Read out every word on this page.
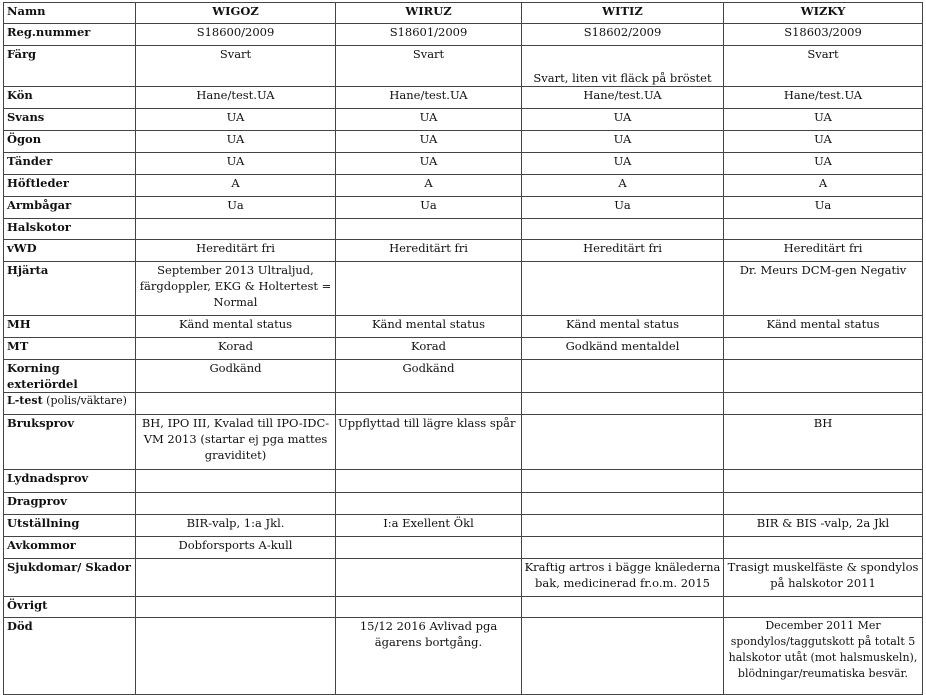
Namn	WIGOZ	WIRUZ	WITIZ	WIZKY
Reg.nummer	S18600/2009	S18601/2009	S18602/2009	S18603/2009
Färg	Svart	Svart	Svart, liten vit fläck på bröstet	Svart
Kön	Hane/test.UA	Hane/test.UA	Hane/test.UA	Hane/test.UA
Svans	UA	UA	UA	UA
Ögon	UA	UA	UA	UA
Tänder	UA	UA	UA	UA
Höftleder	A	A	A	A
Armbågar	Ua	Ua	Ua	Ua
Halskotor				
vWD	Hereditärt fri	Hereditärt fri	Hereditärt fri	Hereditärt fri
Hjärta	September 2013 Ultraljud, färgdoppler, EKG & Holtertest = Normal			Dr. Meurs DCM-gen Negativ
MH	Känd mental status	Känd mental status	Känd mental status	Känd mental status
MT	Korad	Korad	Godkänd mentaldel	
Korning exteriördel	Godkänd	Godkänd		
L-test (polis/väktare)				
Bruksprov	BH, IPO III, Kvalad till IPO-IDC-VM 2013 (startar ej pga mattes graviditet)	Uppflyttad till lägre klass spår		BH
Lydnadsprov				
Dragprov				
Utställning	BIR-valp, 1:a Jkl.	I:a Exellent Ökl		BIR & BIS -valp, 2a Jkl
Avkommor	Dobforsports A-kull			
Sjukdomar/ Skador			Kraftig artros i bägge knälederna bak, medicinerad fr.o.m. 2015	Trasigt muskelfäste & spondylos på halskotor 2011
Övrigt				
Död		15/12 2016 Avlivad pga ägarens bortgång.		December 2011 Mer spondylos/taggutskott på totalt 5 halskotor utåt (mot halsmuskeln), blödningar/reumatiska besvär.
